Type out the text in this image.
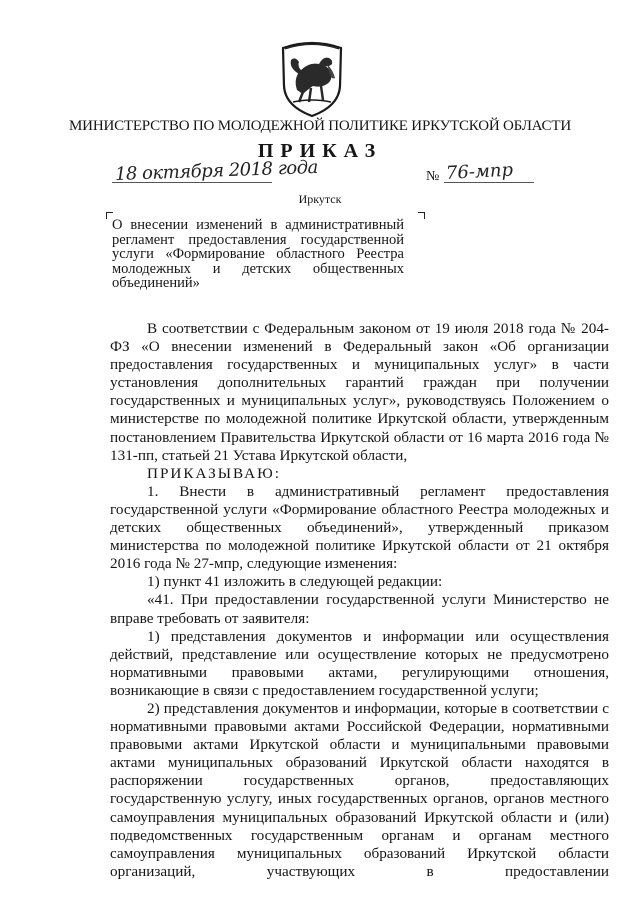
МИНИСТЕРСТВО ПО МОЛОДЕЖНОЙ ПОЛИТИКЕ ИРКУТСКОЙ ОБЛАСТИ
ПРИКАЗ
18 октября 2018 года	№ 76-мпр
Иркутск
О внесении изменений в административный регламент предоставления государственной услуги «Формирование областного Реестра молодежных и детских общественных объединений»

В соответствии с Федеральным законом от 19 июля 2018 года № 204-ФЗ «О внесении изменений в Федеральный закон «Об организации предоставления государственных и муниципальных услуг» в части установления дополнительных гарантий граждан при получении государственных и муниципальных услуг», руководствуясь Положением о министерстве по молодежной политике Иркутской области, утвержденным постановлением Правительства Иркутской области от 16 марта 2016 года № 131-пп, статьей 21 Устава Иркутской области,

ПРИКАЗЫВАЮ:

1. Внести в административный регламент предоставления государственной услуги «Формирование областного Реестра молодежных и детских общественных объединений», утвержденный приказом министерства по молодежной политике Иркутской области от 21 октября 2016 года № 27-мпр, следующие изменения:

1) пункт 41 изложить в следующей редакции:

«41. При предоставлении государственной услуги Министерство не вправе требовать от заявителя:

1) представления документов и информации или осуществления действий, представление или осуществление которых не предусмотрено нормативными правовыми актами, регулирующими отношения, возникающие в связи с предоставлением государственной услуги;

2) представления документов и информации, которые в соответствии с нормативными правовыми актами Российской Федерации, нормативными правовыми актами Иркутской области и муниципальными правовыми актами муниципальных образований Иркутской области находятся в распоряжении государственных органов, предоставляющих государственную услугу, иных государственных органов, органов местного самоуправления муниципальных образований Иркутской области и (или) подведомственных государственным органам и органам местного самоуправления муниципальных образований Иркутской области организаций, участвующих в предоставлении
